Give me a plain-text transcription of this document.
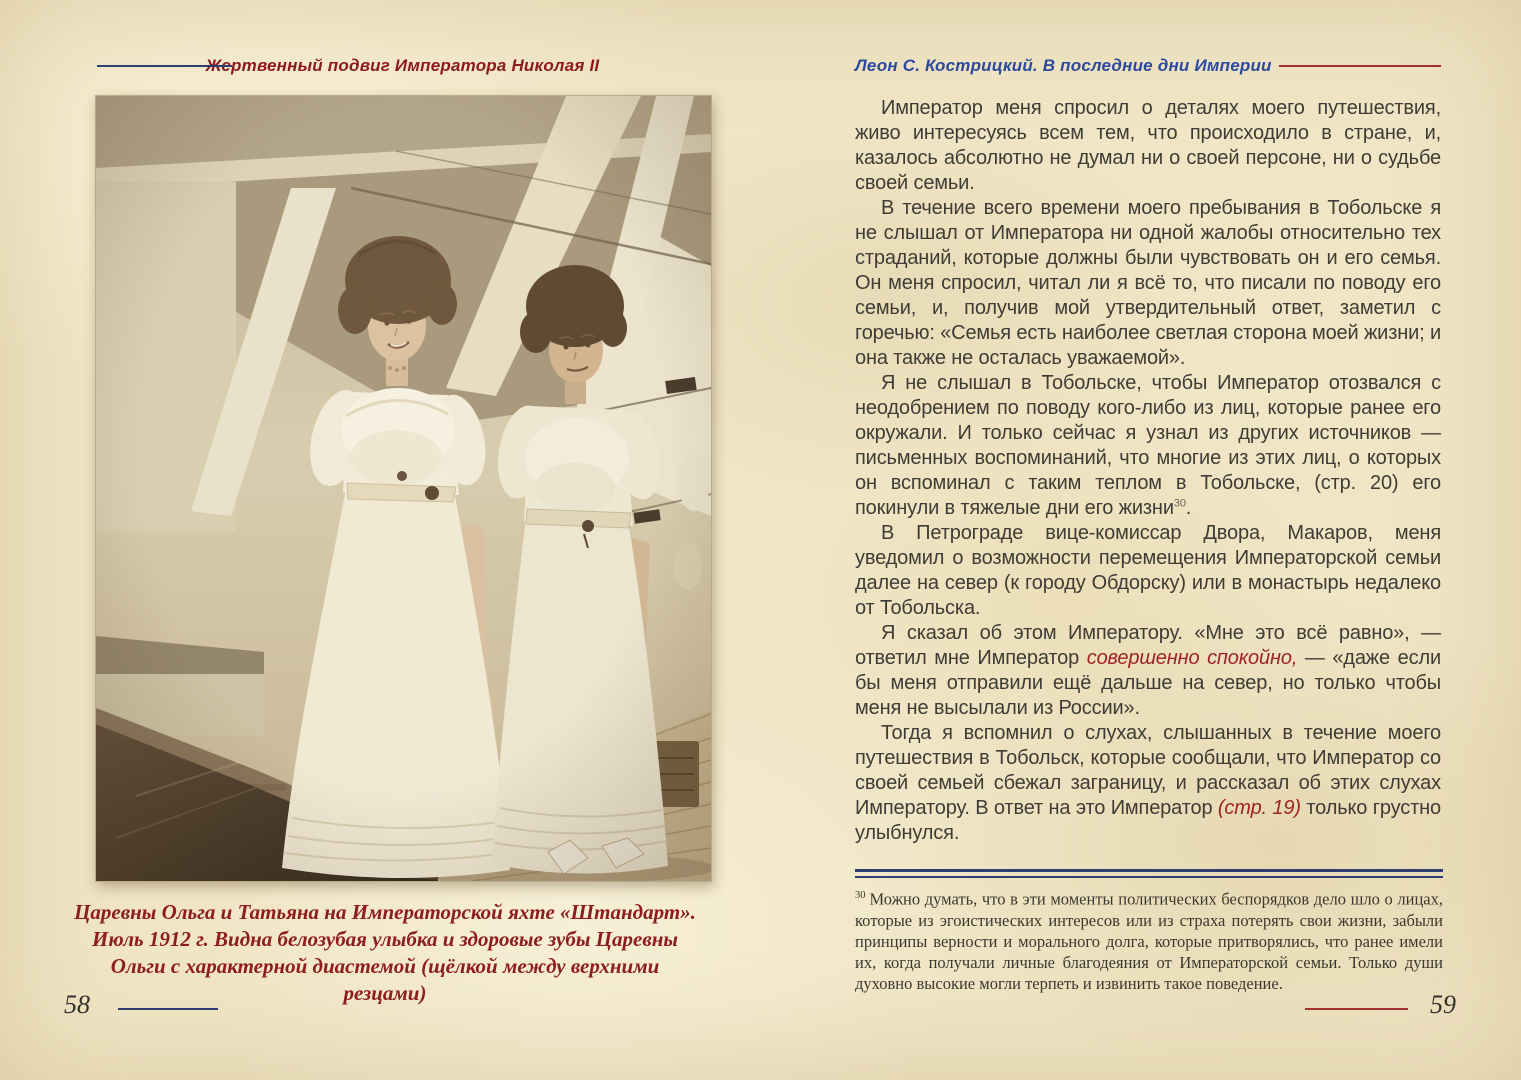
Жертвенный подвиг Императора Николая II	Леон С. Кострицкий. В последние дни Империи
Царевны Ольга и Татьяна на Императорской яхте «Штандарт».
Июль 1912 г. Видна белозубая улыбка и здоровые зубы Царевны
Ольги с характерной диастемой (щёлкой между верхними резцами)

Император меня спросил о деталях моего путешествия, живо интересуясь всем тем, что происходило в стране, и, казалось абсолютно не думал ни о своей персоне, ни о судьбе своей семьи.

В течение всего времени моего пребывания в Тобольске я не слышал от Императора ни одной жалобы относительно тех страданий, которые должны были чувствовать он и его семья. Он меня спросил, читал ли я всё то, что писали по поводу его семьи, и, получив мой утвердительный ответ, заметил с горечью: «Семья есть наиболее светлая сторона моей жизни; и она также не осталась уважаемой».

Я не слышал в Тобольске, чтобы Император отозвался с неодобрением по поводу кого-либо из лиц, которые ранее его окружали. И только сейчас я узнал из других источников — письменных воспоминаний, что многие из этих лиц, о которых он вспоминал с таким теплом в Тобольске, (стр. 20) его покинули в тяжелые дни его жизни$^{30}$.

В Петрограде вице-комиссар Двора, Макаров, меня уведомил о возможности перемещения Императорской семьи далее на север (к городу Обдорску) или в монастырь недалеко от Тобольска.

Я сказал об этом Императору. «Мне это всё равно», — ответил мне Император совершенно спокойно, — «даже если бы меня отправили ещё дальше на север, но только чтобы меня не высылали из России».

Тогда я вспомнил о слухах, слышанных в течение моего путешествия в Тобольск, которые сообщали, что Император со своей семьей сбежал заграницу, и рассказал об этих слухах Императору. В ответ на это Император (стр. 19) только грустно улыбнулся.

$^{30}$ Можно думать, что в эти моменты политических беспорядков дело шло о лицах, которые из эгоистических интересов или из страха потерять свои жизни, забыли принципы верности и морального долга, которые притворялись, что ранее имели их, когда получали личные благодеяния от Императорской семьи. Только души духовно высокие могли терпеть и извинить такое поведение.
58	59
